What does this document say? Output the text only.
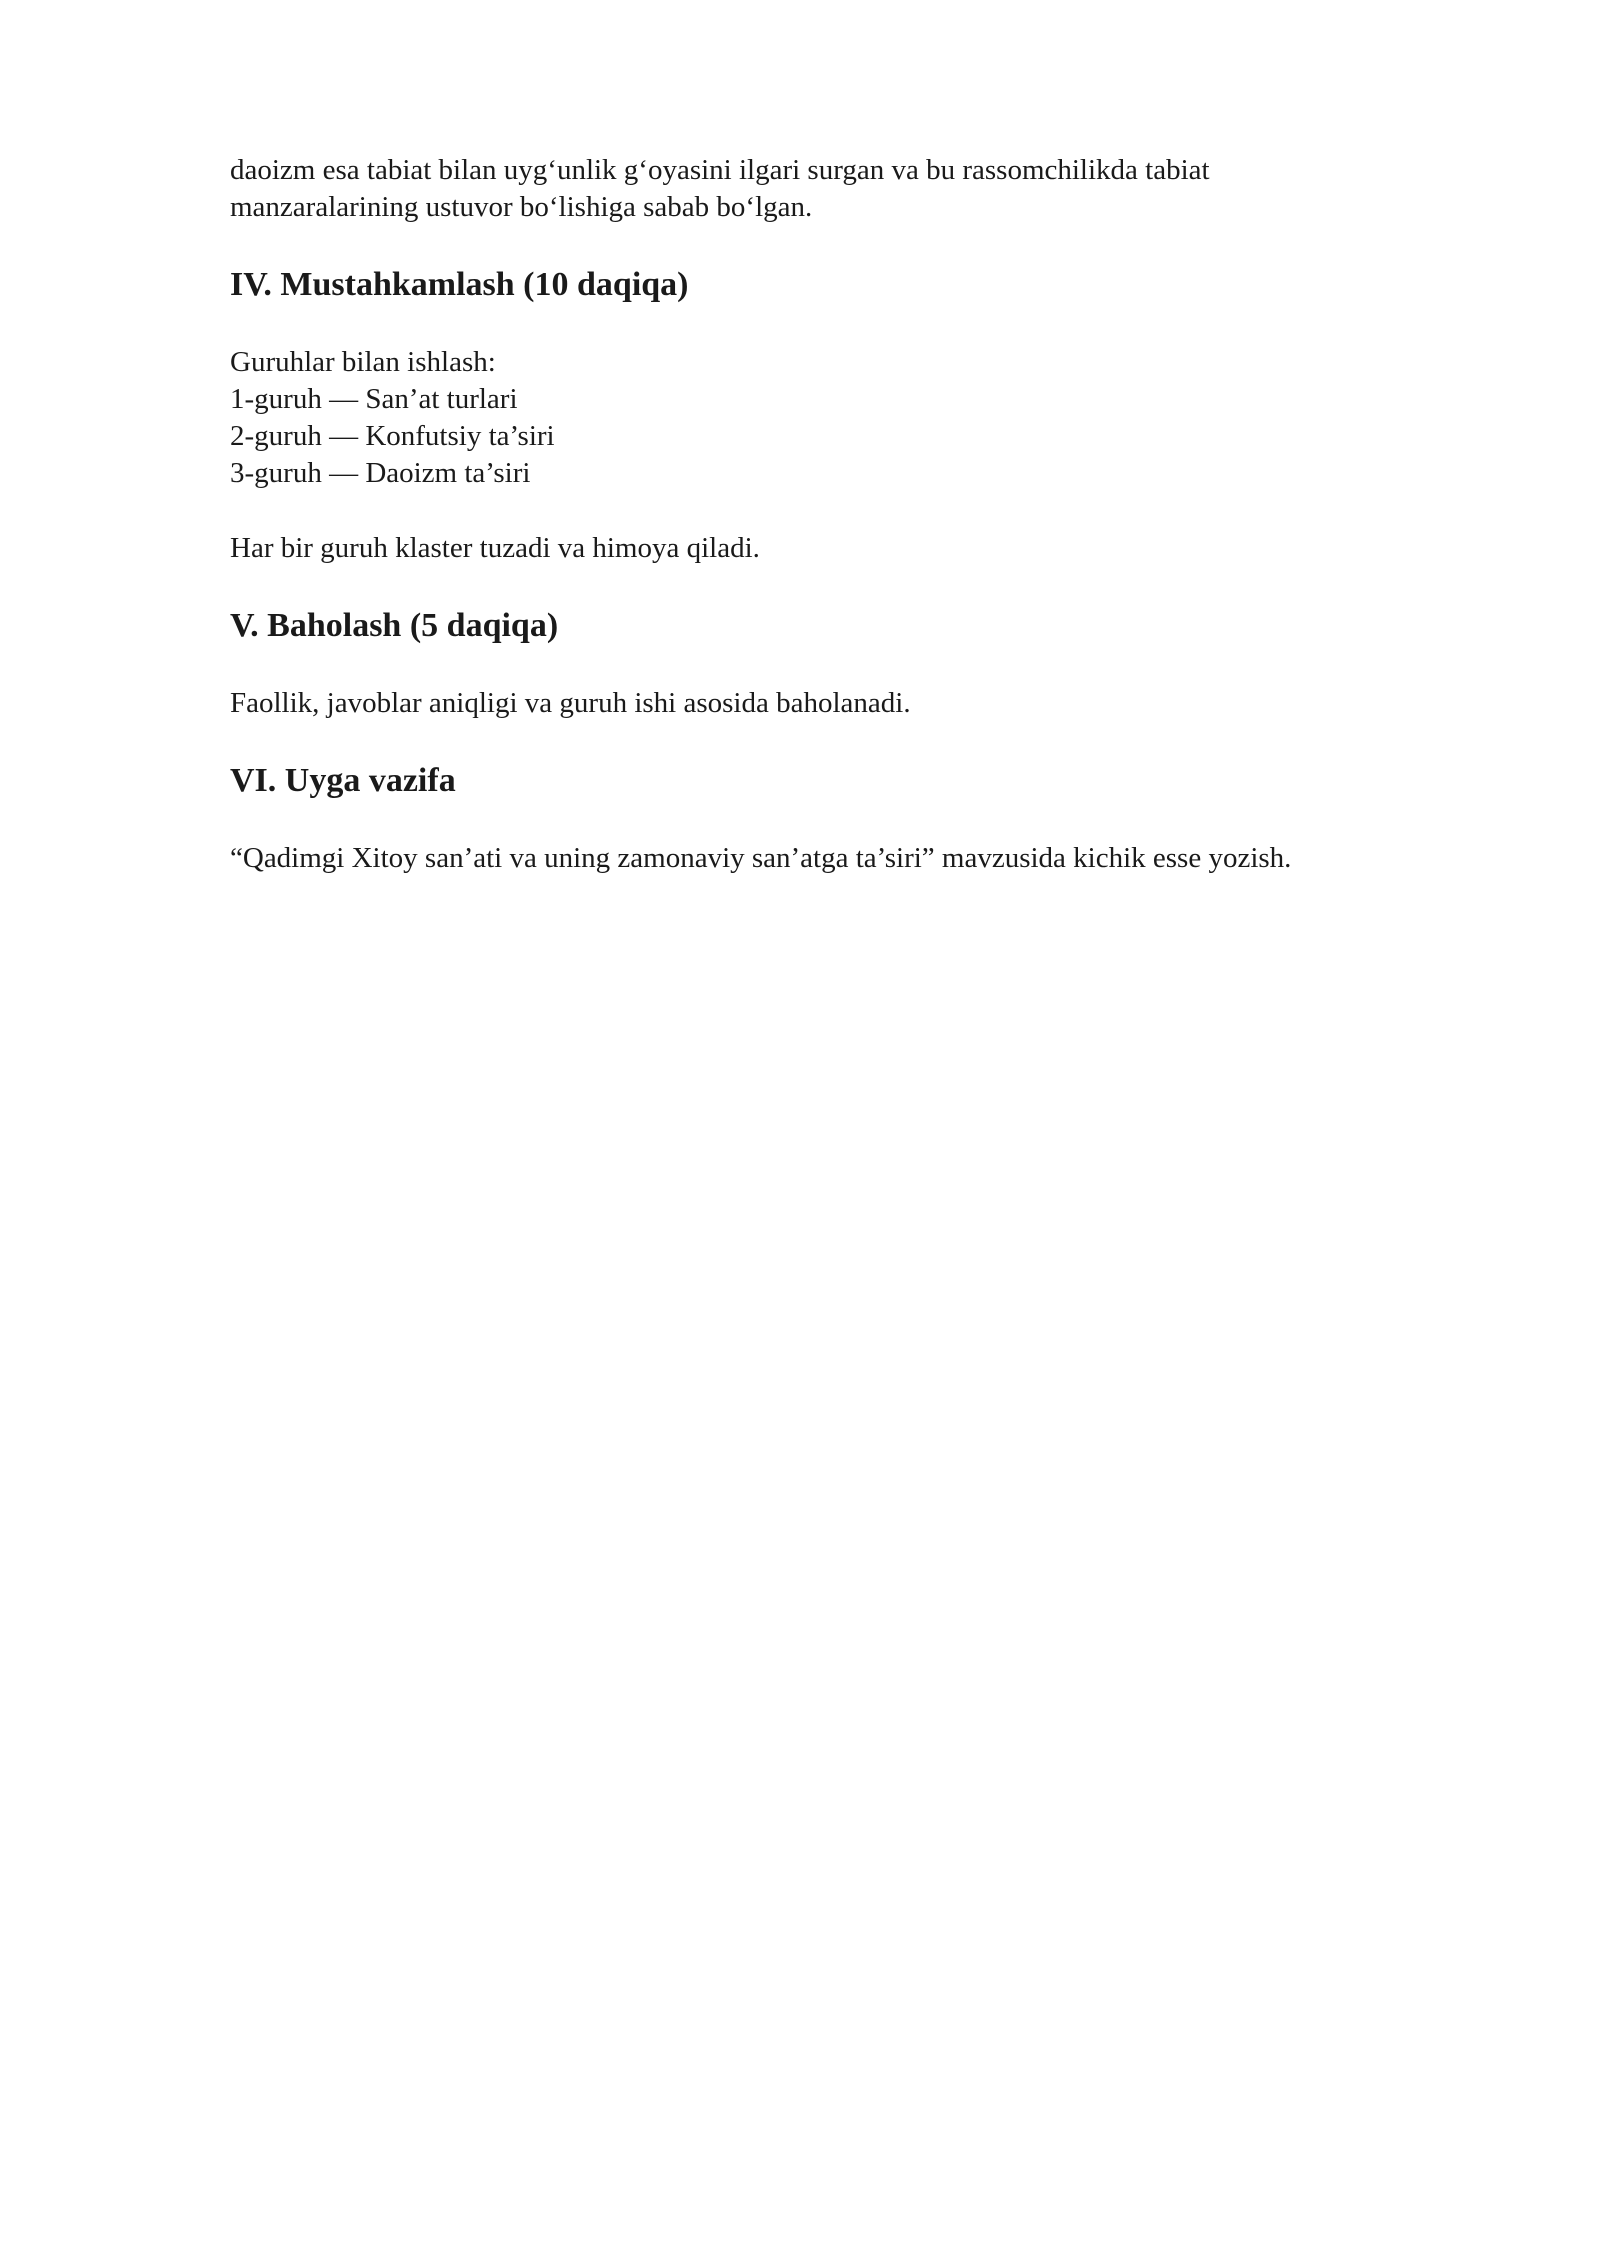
daoizm esa tabiat bilan uyg‘unlik g‘oyasini ilgari surgan va bu rassomchilikda tabiat
manzaralarining ustuvor bo‘lishiga sabab bo‘lgan.

IV. Mustahkamlash (10 daqiqa)

Guruhlar bilan ishlash:
1-guruh — San’at turlari
2-guruh — Konfutsiy ta’siri
3-guruh — Daoizm ta’siri

Har bir guruh klaster tuzadi va himoya qiladi.

V. Baholash (5 daqiqa)

Faollik, javoblar aniqligi va guruh ishi asosida baholanadi.

VI. Uyga vazifa

“Qadimgi Xitoy san’ati va uning zamonaviy san’atga ta’siri” mavzusida kichik esse yozish.
